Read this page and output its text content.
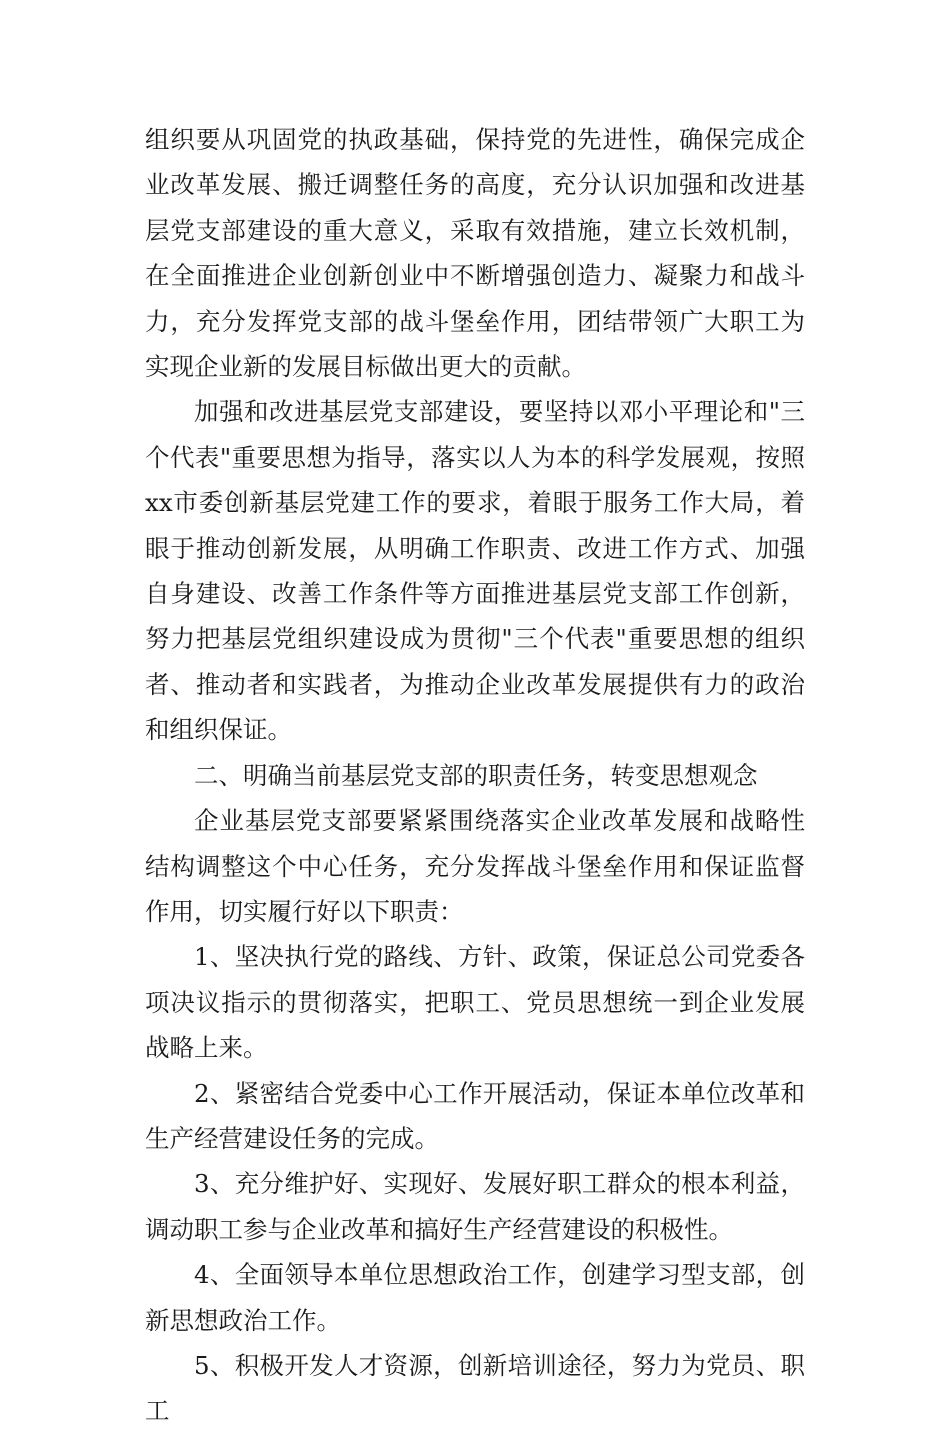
组织要从巩固党的执政基础，保持党的先进性，确保完成企业改革发展、搬迁调整任务的高度，充分认识加强和改进基层党支部建设的重大意义，采取有效措施，建立长效机制，在全面推进企业创新创业中不断增强创造力、凝聚力和战斗力，充分发挥党支部的战斗堡垒作用，团结带领广大职工为实现企业新的发展目标做出更大的贡献。

加强和改进基层党支部建设，要坚持以邓小平理论和"三个代表"重要思想为指导，落实以人为本的科学发展观，按照xx市委创新基层党建工作的要求，着眼于服务工作大局，着眼于推动创新发展，从明确工作职责、改进工作方式、加强自身建设、改善工作条件等方面推进基层党支部工作创新，努力把基层党组织建设成为贯彻"三个代表"重要思想的组织者、推动者和实践者，为推动企业改革发展提供有力的政治和组织保证。

二、明确当前基层党支部的职责任务，转变思想观念

企业基层党支部要紧紧围绕落实企业改革发展和战略性结构调整这个中心任务，充分发挥战斗堡垒作用和保证监督作用，切实履行好以下职责：

1、坚决执行党的路线、方针、政策，保证总公司党委各项决议指示的贯彻落实，把职工、党员思想统一到企业发展战略上来。

2、紧密结合党委中心工作开展活动，保证本单位改革和生产经营建设任务的完成。

3、充分维护好、实现好、发展好职工群众的根本利益，调动职工参与企业改革和搞好生产经营建设的积极性。

4、全面领导本单位思想政治工作，创建学习型支部，创新思想政治工作。

5、积极开发人才资源，创新培训途径，努力为党员、职工
